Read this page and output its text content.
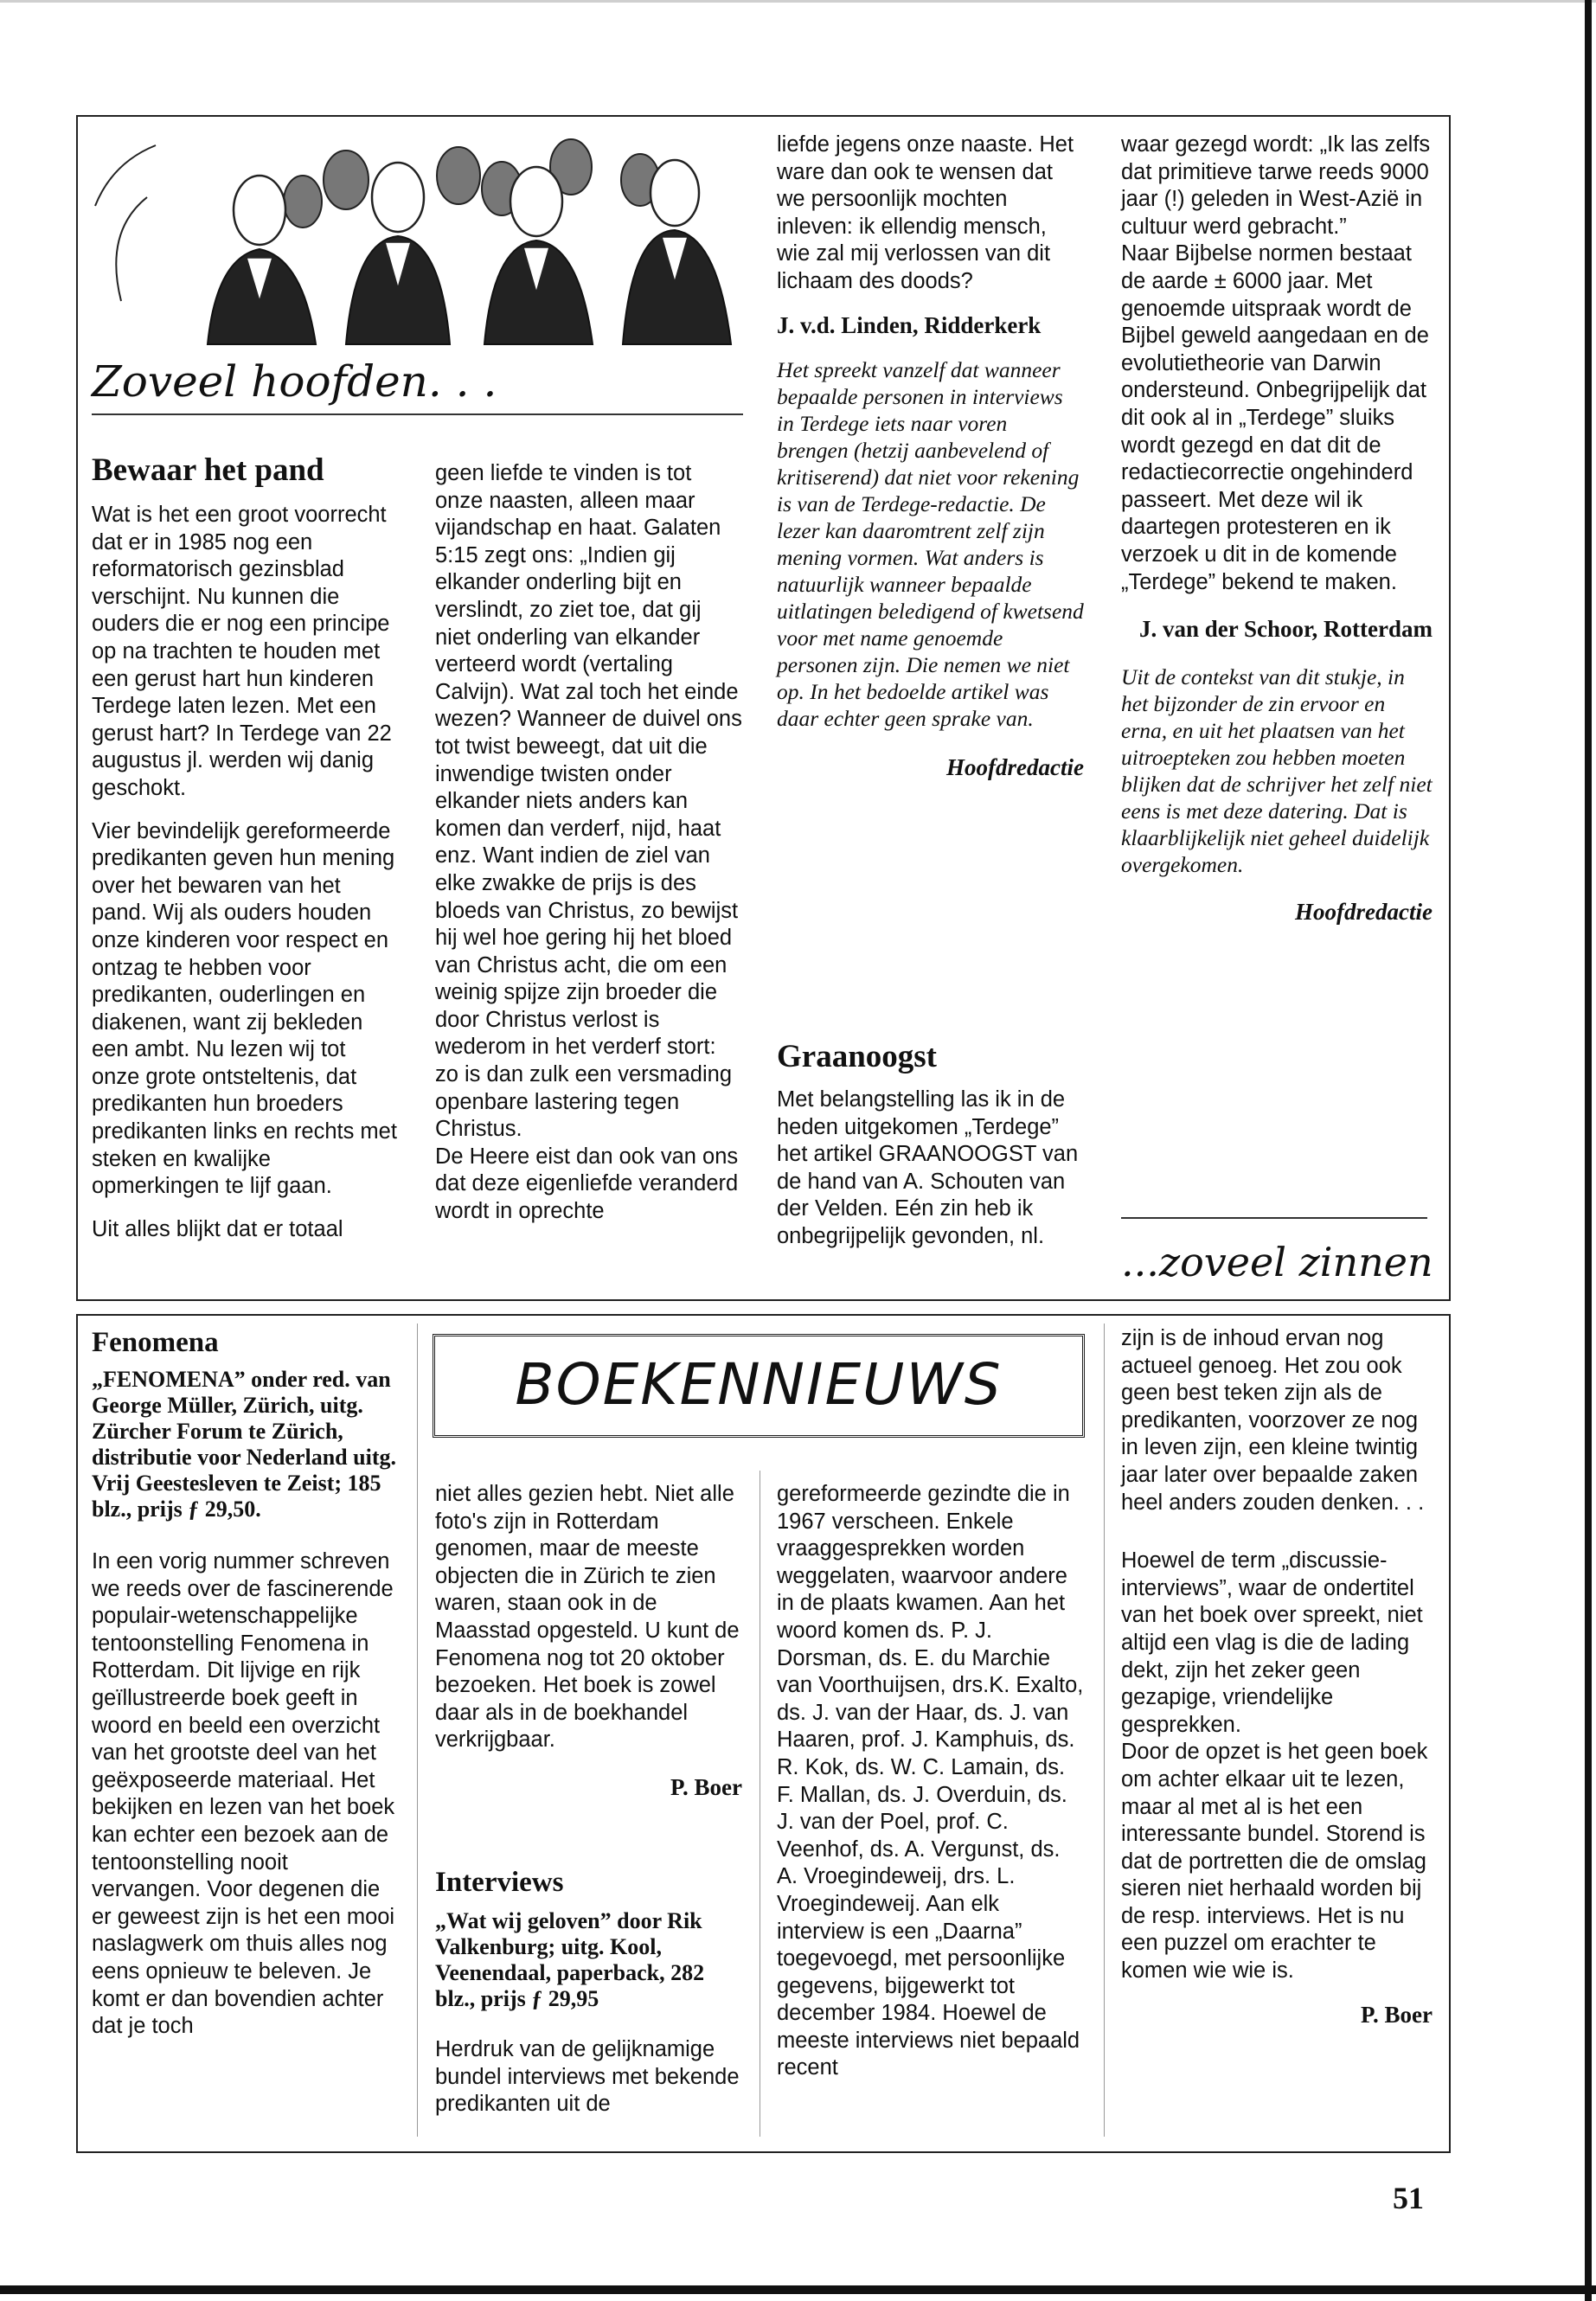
Zoveel hoofden. . .
Bewaar het pand

Wat is het een groot voorrecht dat er in 1985 nog een reformatorisch gezinsblad verschijnt. Nu kunnen die ouders die er nog een principe op na trachten te houden met een gerust hart hun kinderen Terdege laten lezen. Met een gerust hart? In Terdege van 22 augustus jl. werden wij danig geschokt.

Vier bevindelijk gereformeerde predikanten geven hun mening over het bewaren van het pand. Wij als ouders houden onze kinderen voor respect en ontzag te hebben voor predikanten, ouderlingen en diakenen, want zij bekleden een ambt. Nu lezen wij tot onze grote ontsteltenis, dat predikanten hun broeders predikanten links en rechts met steken en kwalijke opmerkingen te lijf gaan.

Uit alles blijkt dat er totaal

geen liefde te vinden is tot onze naasten, alleen maar vijandschap en haat. Galaten 5:15 zegt ons: „Indien gij elkander onderling bijt en verslindt, zo ziet toe, dat gij niet onderling van elkander verteerd wordt (vertaling Calvijn). Wat zal toch het einde wezen? Wanneer de duivel ons tot twist beweegt, dat uit die inwendige twisten onder elkander niets anders kan komen dan verderf, nijd, haat enz. Want indien de ziel van elke zwakke de prijs is des bloeds van Christus, zo bewijst hij wel hoe gering hij het bloed van Christus acht, die om een weinig spijze zijn broeder die door Christus verlost is wederom in het verderf stort: zo is dan zulk een versmading openbare lastering tegen Christus.

De Heere eist dan ook van ons dat deze eigenliefde veranderd wordt in oprechte

liefde jegens onze naaste. Het ware dan ook te wensen dat we persoonlijk mochten inleven: ik ellendig mensch, wie zal mij verlossen van dit lichaam des doods?

J. v.d. Linden, Ridderkerk

Het spreekt vanzelf dat wanneer bepaalde personen in interviews in Terdege iets naar voren brengen (hetzij aanbevelend of kritiserend) dat niet voor rekening is van de Terdege-redactie. De lezer kan daaromtrent zelf zijn mening vormen. Wat anders is natuurlijk wanneer bepaalde uitlatingen beledigend of kwetsend voor met name genoemde personen zijn. Die nemen we niet op. In het bedoelde artikel was daar echter geen sprake van.

Hoofdredactie

Graanoogst

Met belangstelling las ik in de heden uitgekomen „Terdege” het artikel GRAANOOGST van de hand van A. Schouten van der Velden. Eén zin heb ik onbegrijpelijk gevonden, nl.

waar gezegd wordt: „Ik las zelfs dat primitieve tarwe reeds 9000 jaar (!) geleden in West-Azië in cultuur werd gebracht.”

Naar Bijbelse normen bestaat de aarde ± 6000 jaar. Met genoemde uitspraak wordt de Bijbel geweld aangedaan en de evolutietheorie van Darwin ondersteund. Onbegrijpelijk dat dit ook al in „Terdege” sluiks wordt gezegd en dat dit de redactiecorrectie ongehinderd passeert. Met deze wil ik daartegen protesteren en ik verzoek u dit in de komende „Terdege” bekend te maken.

J. van der Schoor, Rotterdam

Uit de contekst van dit stukje, in het bijzonder de zin ervoor en erna, en uit het plaatsen van het uitroepteken zou hebben moeten blijken dat de schrijver het zelf niet eens is met deze datering. Dat is klaarblijkelijk niet geheel duidelijk overgekomen.

Hoofdredactie

...zoveel zinnen
BOEKENNIEUWS
Fenomena

„FENOMENA” onder red. van George Müller, Zürich, uitg. Zürcher Forum te Zürich, distributie voor Nederland uitg. Vrij Geestesleven te Zeist; 185 blz., prijs ƒ 29,50.

In een vorig nummer schreven we reeds over de fascinerende populair-wetenschappelijke tentoonstelling Fenomena in Rotterdam. Dit lijvige en rijk geïllustreerde boek geeft in woord en beeld een overzicht van het grootste deel van het geëxposeerde materiaal. Het bekijken en lezen van het boek kan echter een bezoek aan de tentoonstelling nooit vervangen. Voor degenen die er geweest zijn is het een mooi naslagwerk om thuis alles nog eens opnieuw te beleven. Je komt er dan bovendien achter dat je toch

niet alles gezien hebt. Niet alle foto's zijn in Rotterdam genomen, maar de meeste objecten die in Zürich te zien waren, staan ook in de Maasstad opgesteld. U kunt de Fenomena nog tot 20 oktober bezoeken. Het boek is zowel daar als in de boekhandel verkrijgbaar.

P. Boer

Interviews

„Wat wij geloven” door Rik Valkenburg; uitg. Kool, Veenendaal, paperback, 282 blz., prijs ƒ 29,95

Herdruk van de gelijknamige bundel interviews met bekende predikanten uit de

gereformeerde gezindte die in 1967 verscheen. Enkele vraaggesprekken worden weggelaten, waarvoor andere in de plaats kwamen. Aan het woord komen ds. P. J. Dorsman, ds. E. du Marchie van Voorthuijsen, drs.K. Exalto, ds. J. van der Haar, ds. J. van Haaren, prof. J. Kamphuis, ds. R. Kok, ds. W. C. Lamain, ds. F. Mallan, ds. J. Overduin, ds. J. van der Poel, prof. C. Veenhof, ds. A. Vergunst, ds. A. Vroegindeweij, drs. L. Vroegindeweij. Aan elk interview is een „Daarna” toegevoegd, met persoonlijke gegevens, bijgewerkt tot december 1984. Hoewel de meeste interviews niet bepaald recent

zijn is de inhoud ervan nog actueel genoeg. Het zou ook geen best teken zijn als de predikanten, voorzover ze nog in leven zijn, een kleine twintig jaar later over bepaalde zaken heel anders zouden denken. . .

Hoewel de term „discussie-interviews”, waar de ondertitel van het boek over spreekt, niet altijd een vlag is die de lading dekt, zijn het zeker geen gezapige, vriendelijke gesprekken.

Door de opzet is het geen boek om achter elkaar uit te lezen, maar al met al is het een interessante bundel. Storend is dat de portretten die de omslag sieren niet herhaald worden bij de resp. interviews. Het is nu een puzzel om erachter te komen wie wie is.

P. Boer

51
